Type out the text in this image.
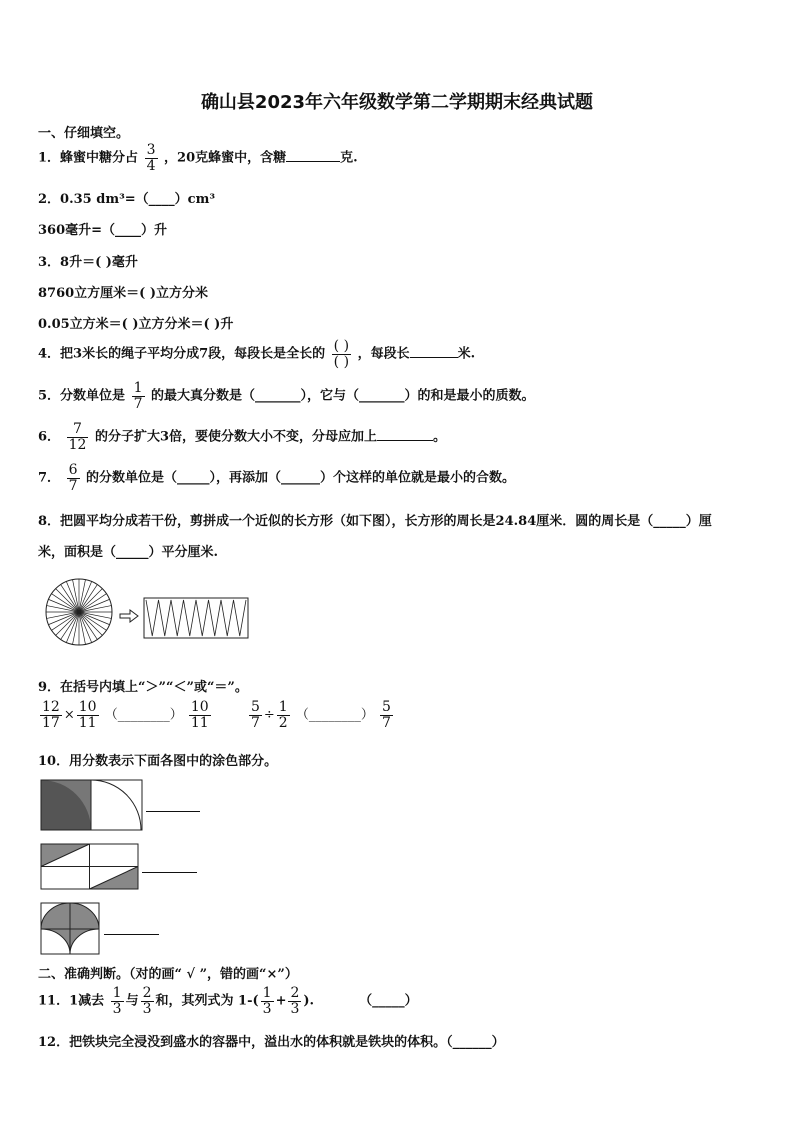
确山县2023年六年级数学第二学期期末经典试题
一、仔细填空。
1．蜂蜜中糖分占 $\frac{3}{4}$ ，20克蜂蜜中，含糖	克.
2．0.35 dm³=（____）cm³
360毫升=（____）升
3．8升＝( )毫升
8760立方厘米＝( )立方分米
0.05立方米＝( )立方分米＝( )升
4．把3米长的绳子平均分成7段，每段长是全长的 $\frac{( )}{( )}$ ，每段长	米.
5．分数单位是 $\frac{1}{7}$ 的最大真分数是（_______），它与（_______）的和是最小的质数。
6． $\frac{7}{12}$ 的分子扩大3倍，要使分数大小不变，分母应加上	。
7． $\frac{6}{7}$ 的分数单位是（_____），再添加（______）个这样的单位就是最小的合数。
8．把圆平均分成若干份，剪拼成一个近似的长方形（如下图），长方形的周长是24.84厘米．圆的周长是（_____）厘
米，面积是（_____）平分厘米.
9．在括号内填上“＞”“＜”或“＝”。
$\frac{12}{17} \times \frac{10}{11}$ （________） $\frac{10}{11}$
	$\frac{5}{7} \div \frac{1}{2}$ （________） $\frac{5}{7}$
10．用分数表示下面各图中的涂色部分。
二、准确判断。（对的画“ √ ”，错的画“×”）
11．1减去 $\frac{1}{3}$ 与 $\frac{2}{3}$ 和，其列式为 $1-( \frac{1}{3} + \frac{2}{3}$ ).	（_____）
12．把铁块完全浸没到盛水的容器中，溢出水的体积就是铁块的体积。（______）
